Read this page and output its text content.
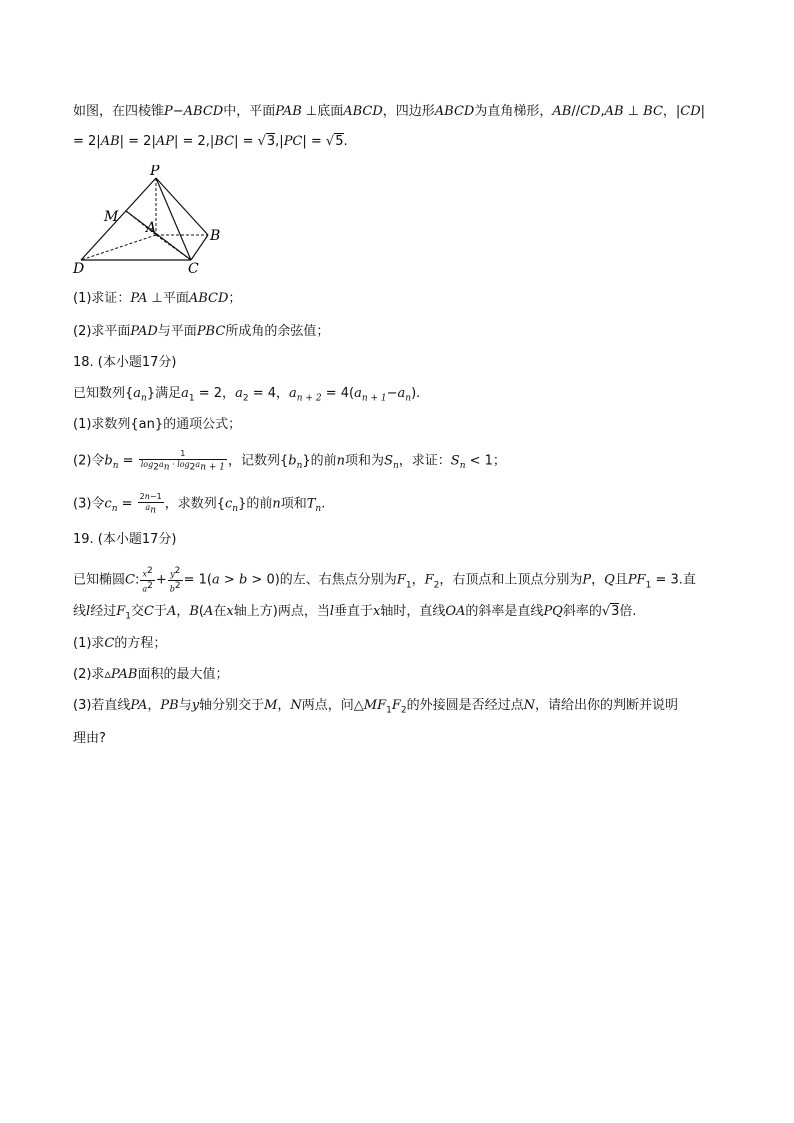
如图，在四棱锥P−ABCD中，平面PAB ⊥底面ABCD，四边形ABCD为直角梯形，AB//CD,AB ⊥ BC，|CD|
= 2|AB| = 2|AP| = 2,|BC| = √3,|PC| = √5.
P
M
A	B
D	C
(1)求证：PA ⊥平面ABCD；
(2)求平面PAD与平面PBC所成角的余弦值；
18. (本小题17分)
已知数列$\{a_n\}$满足$a_1 = 2$，$a_2 = 4$，$a_{n + 2} = 4(a_{n + 1}-a_n)$.
(1)求数列{an}的通项公式；
(2)令$b_n = \frac{1}{\log_2a_n \cdot \log_2a_{n + 1}}$ ，记数列$\{b_n\}$的前n项和为$S_n$，求证：$S_n < 1$；
(3)令$c_n = \frac{2n-1}{a_n}$ ，求数列$\{c_n\}$的前n项和$T_n$.
19. (本小题17分)
已知椭圆C: $\frac{x^2}{a^2} + \frac{y^2}{b^2} = 1(a > b > 0)$的左、右焦点分别为$F_1$，$F_2$，右顶点和上顶点分别为P，Q且$PF_1 = 3$.直
线l经过$F_1$交C于A，B(A在x轴上方)两点，当l垂直于x轴时，直线OA的斜率是直线PQ斜率的√3倍.
(1)求C的方程；
(2)求▵PAB面积的最大值；
(3)若直线PA，PB与y轴分别交于M，N两点，问$\triangle MF_1F_2$的外接圆是否经过点N，请给出你的判断并说明
理由?
